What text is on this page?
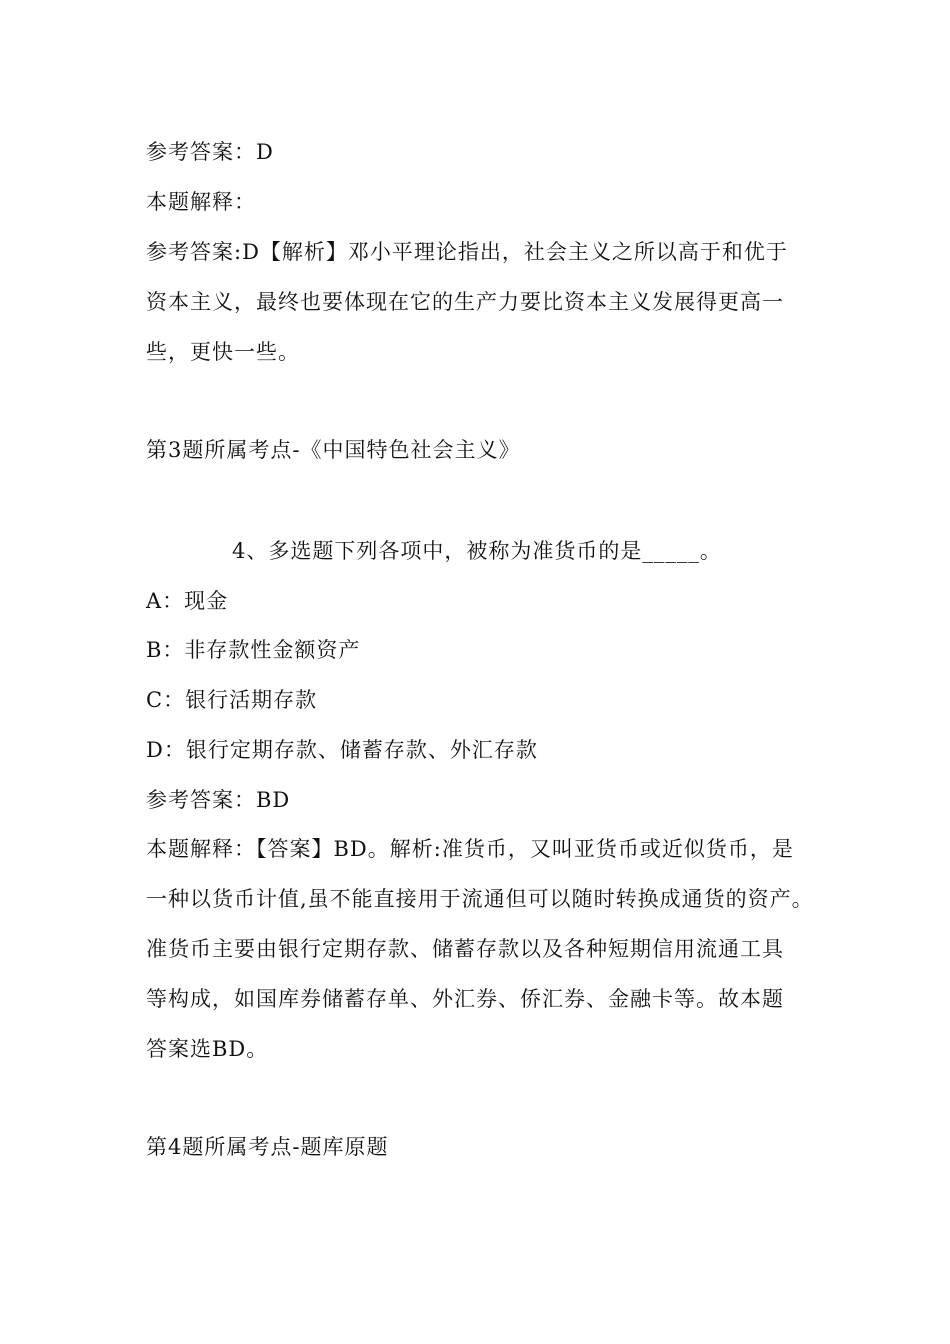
参考答案：D
本题解释：
参考答案:D【解析】邓小平理论指出，社会主义之所以高于和优于
资本主义，最终也要体现在它的生产力要比资本主义发展得更高一
些，更快一些。
第3题所属考点-《中国特色社会主义》
4、多选题下列各项中，被称为准货币的是_____。
A：现金
B：非存款性金额资产
C：银行活期存款
D：银行定期存款、储蓄存款、外汇存款
参考答案：BD
本题解释：【答案】BD。解析:准货币，又叫亚货币或近似货币，是
一种以货币计值,虽不能直接用于流通但可以随时转换成通货的资产。
准货币主要由银行定期存款、储蓄存款以及各种短期信用流通工具
等构成，如国库券储蓄存单、外汇券、侨汇券、金融卡等。故本题
答案选BD。
第4题所属考点-题库原题
